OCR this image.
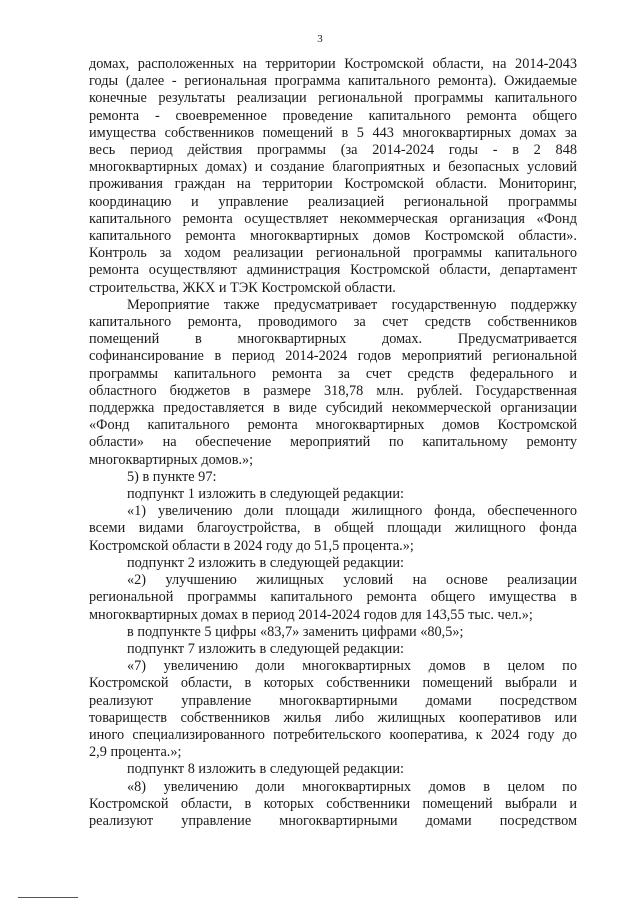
3

домах, расположенных на территории Костромской области, на 2014-2043

годы (далее - региональная программа капитального ремонта). Ожидаемые

конечные результаты реализации региональной программы капитального

ремонта - своевременное проведение капитального ремонта общего

имущества собственников помещений в 5 443 многоквартирных домах за

весь период действия программы (за 2014-2024 годы - в 2 848

многоквартирных домах) и создание благоприятных и безопасных условий

проживания граждан на территории Костромской области. Мониторинг,

координацию и управление реализацией региональной программы

капитального ремонта осуществляет некоммерческая организация «Фонд

капитального ремонта многоквартирных домов Костромской области».

Контроль за ходом реализации региональной программы капитального

ремонта осуществляют администрация Костромской области, департамент

строительства, ЖКХ и ТЭК Костромской области.

Мероприятие также предусматривает государственную поддержку

капитального ремонта, проводимого за счет средств собственников

помещений в многоквартирных домах. Предусматривается

софинансирование в период 2014-2024 годов мероприятий региональной

программы капитального ремонта за счет средств федерального и

областного бюджетов в размере 318,78 млн. рублей. Государственная

поддержка предоставляется в виде субсидий некоммерческой организации

«Фонд капитального ремонта многоквартирных домов Костромской

области» на обеспечение мероприятий по капитальному ремонту

многоквартирных домов.»;

5) в пункте 97:

подпункт 1 изложить в следующей редакции:

«1) увеличению доли площади жилищного фонда, обеспеченного

всеми видами благоустройства, в общей площади жилищного фонда

Костромской области в 2024 году до 51,5 процента.»;

подпункт 2 изложить в следующей редакции:

«2) улучшению жилищных условий на основе реализации

региональной программы капитального ремонта общего имущества в

многоквартирных домах в период 2014-2024 годов для 143,55 тыс. чел.»;

в подпункте 5 цифры «83,7» заменить цифрами «80,5»;

подпункт 7 изложить в следующей редакции:

«7) увеличению доли многоквартирных домов в целом по

Костромской области, в которых собственники помещений выбрали и

реализуют управление многоквартирными домами посредством

товариществ собственников жилья либо жилищных кооперативов или

иного специализированного потребительского кооператива, к 2024 году до

2,9 процента.»;

подпункт 8 изложить в следующей редакции:

«8) увеличению доли многоквартирных домов в целом по

Костромской области, в которых собственники помещений выбрали и

реализуют управление многоквартирными домами посредством
